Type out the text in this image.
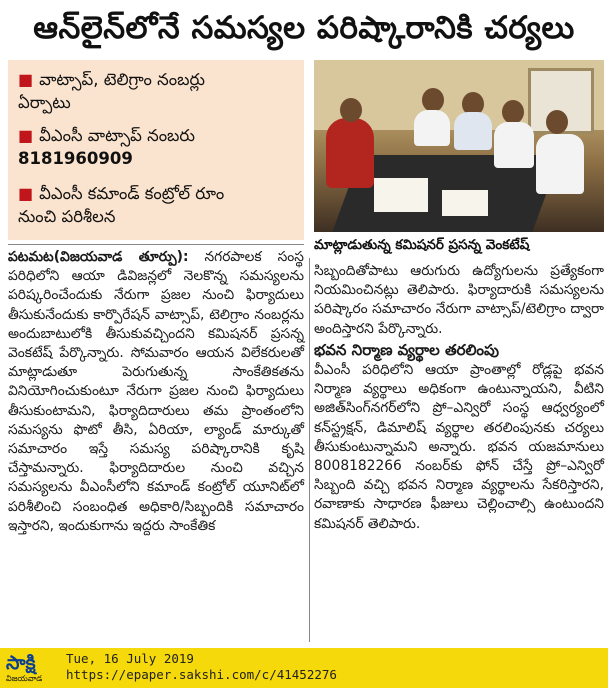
ఆన్‌లైన్‌లోనే సమస్యల పరిష్కారానికి చర్యలు
■ వాట్సాప్, టెలిగ్రాం నంబర్లు
ఏర్పాటు
■ వీఎంసీ వాట్సాప్ నంబరు
8181960909
■ వీఎంసీ కమాండ్ కంట్రోల్ రూం
నుంచి పరిశీలన
మాట్లాడుతున్న కమిషనర్ ప్రసన్న వెంకటేష్
పటమట(విజయవాడ తూర్పు): నగరపాలక సంస్థ పరిధిలోని ఆయా డివిజన్లలో నెలకొన్న సమస్యలను పరిష్కరించేందుకు నేరుగా ప్రజల నుంచి ఫిర్యాదులు తీసుకునేందుకు కార్పొరేషన్ వాట్సాప్, టెలిగ్రాం నంబర్లను అందుబాటులోకి తీసుకువచ్చిందని కమిషనర్ ప్రసన్న వెంకటేష్ పేర్కొన్నారు. సోమవారం ఆయన విలేకరులతో మాట్లాడుతూ పెరుగుతున్న సాంకేతికతను వినియోగించుకుంటూ నేరుగా ప్రజల నుంచి ఫిర్యాదులు తీసుకుంటామని, ఫిర్యాదిదారులు తమ ప్రాంతంలోని సమస్యను ఫొటో తీసి, ఏరియా, ల్యాండ్ మార్కుతో సమాచారం ఇస్తే సమస్య పరిష్కారానికి కృషి చేస్తామన్నారు. ఫిర్యాదిదారుల నుంచి వచ్చిన సమస్యలను వీఎంసీలోని కమాండ్ కంట్రోల్ యూనిట్‌లో పరిశీలించి సంబంధిత అధికారి/సిబ్బందికి సమాచారం ఇస్తారని, ఇందుకుగాను ఇద్దరు సాంకేతిక
సిబ్బందితోపాటు ఆరుగురు ఉద్యోగులను ప్రత్యేకంగా నియమించినట్లు తెలిపారు. ఫిర్యాదారుకి సమస్యలను పరిష్కారం సమాచారం నేరుగా వాట్సాప్/టెలిగ్రాం ద్వారా అందిస్తారని పేర్కొన్నారు.
భవన నిర్మాణ వ్యర్థాల తరలింపు
వీఎంసీ పరిధిలోని ఆయా ప్రాంతాల్లో రోడ్లపై భవన నిర్మాణ వ్యర్థాలు అధికంగా ఉంటున్నాయని, వీటిని అజిత్‌సింగ్‌నగర్‌లోని ప్రో–ఎన్విరో సంస్థ ఆధ్వర్యంలో కన్‌స్ట్రక్షన్, డిమాలిష్ వ్యర్థాల తరలింపునకు చర్యలు తీసుకుంటున్నామని అన్నారు. భవన యజమానులు 8008182266 నంబర్‌కు ఫోన్ చేస్తే ప్రో–ఎన్విరో సిబ్బంది వచ్చి భవన నిర్మాణ వ్యర్థాలను సేకరిస్తారని, రవాణాకు సాధారణ ఫీజులు చెల్లించాల్సి ఉంటుందని కమిషనర్ తెలిపారు.
సాక్షి
విజయవాడ
Tue, 16 July 2019
https://epaper.sakshi.com/c/41452276
